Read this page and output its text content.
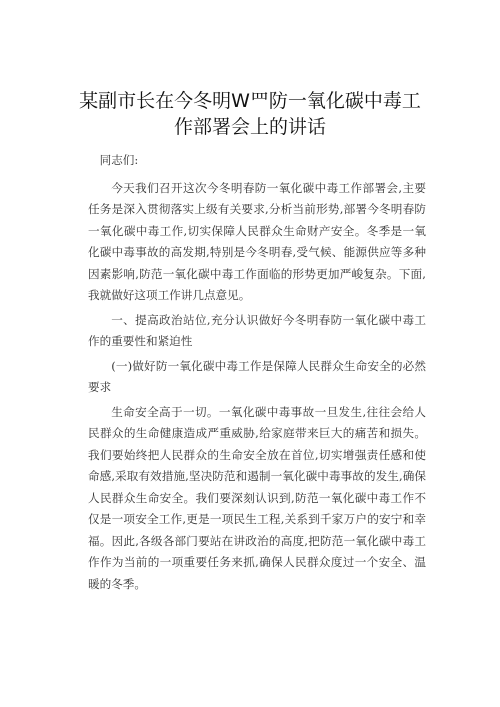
某副市长在今冬明W罒防一氧化碳中毒工
作部署会上的讲话

同志们:

今天我们召开这次今冬明春防一氧化碳中毒工作部署会,主要任务是深入贯彻落实上级有关要求,分析当前形势,部署今冬明春防一氧化碳中毒工作,切实保障人民群众生命财产安全。冬季是一氧化碳中毒事故的高发期,特别是今冬明春,受气候、能源供应等多种因素影响,防范一氧化碳中毒工作面临的形势更加严峻复杂。下面,我就做好这项工作讲几点意见。

一、提高政治站位,充分认识做好今冬明春防一氧化碳中毒工作的重要性和紧迫性

(一)做好防一氧化碳中毒工作是保障人民群众生命安全的必然要求

生命安全高于一切。一氧化碳中毒事故一旦发生,往往会给人民群众的生命健康造成严重威胁,给家庭带来巨大的痛苦和损失。我们要始终把人民群众的生命安全放在首位,切实增强责任感和使命感,采取有效措施,坚决防范和遏制一氧化碳中毒事故的发生,确保人民群众生命安全。我们要深刻认识到,防范一氧化碳中毒工作不仅是一项安全工作,更是一项民生工程,关系到千家万户的安宁和幸福。因此,各级各部门要站在讲政治的高度,把防范一氧化碳中毒工作作为当前的一项重要任务来抓,确保人民群众度过一个安全、温暖的冬季。
